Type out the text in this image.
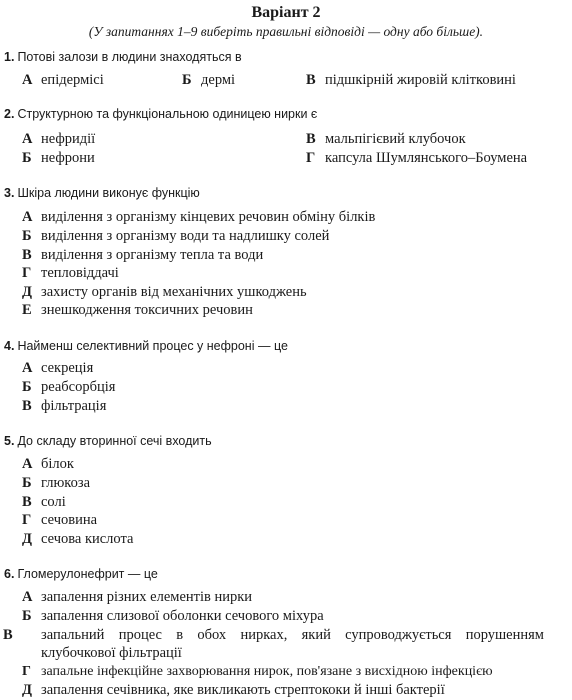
Варіант 2
(У запитаннях 1–9 виберіть правильні відповіді — одну або більше).
1. Потові залози в людини знаходяться в
А епідермісі	Б дермі	В підшкірній жировій клітковині
2. Структурною та функціональною одиницею нирки є
А нефридії
Б нефрони
В мальпігієвий клубочок
Г капсула Шумлянського–Боумена
3. Шкіра людини виконує функцію
А виділення з організму кінцевих речовин обміну білків
Б виділення з організму води та надлишку солей
В виділення з організму тепла та води
Г тепловіддачі
Д захисту органів від механічних ушкоджень
Е знешкодження токсичних речовин
4. Найменш селективний процес у нефроні — це
А секреція
Б реабсорбція
В фільтрація
5. До складу вторинної сечі входить
А білок
Б глюкоза
В солі
Г сечовина
Д сечова кислота
6. Гломерулонефрит — це
А запалення різних елементів нирки
Б запалення слизової оболонки сечового міхура
В запальний процес в обох нирках, який супроводжується порушенням клубочкової фільтрації
Г запальне інфекційне захворювання нирок, пов'язане з висхідною інфекцією
Д запалення сечівника, яке викликають стрептококи й інші бактерії
